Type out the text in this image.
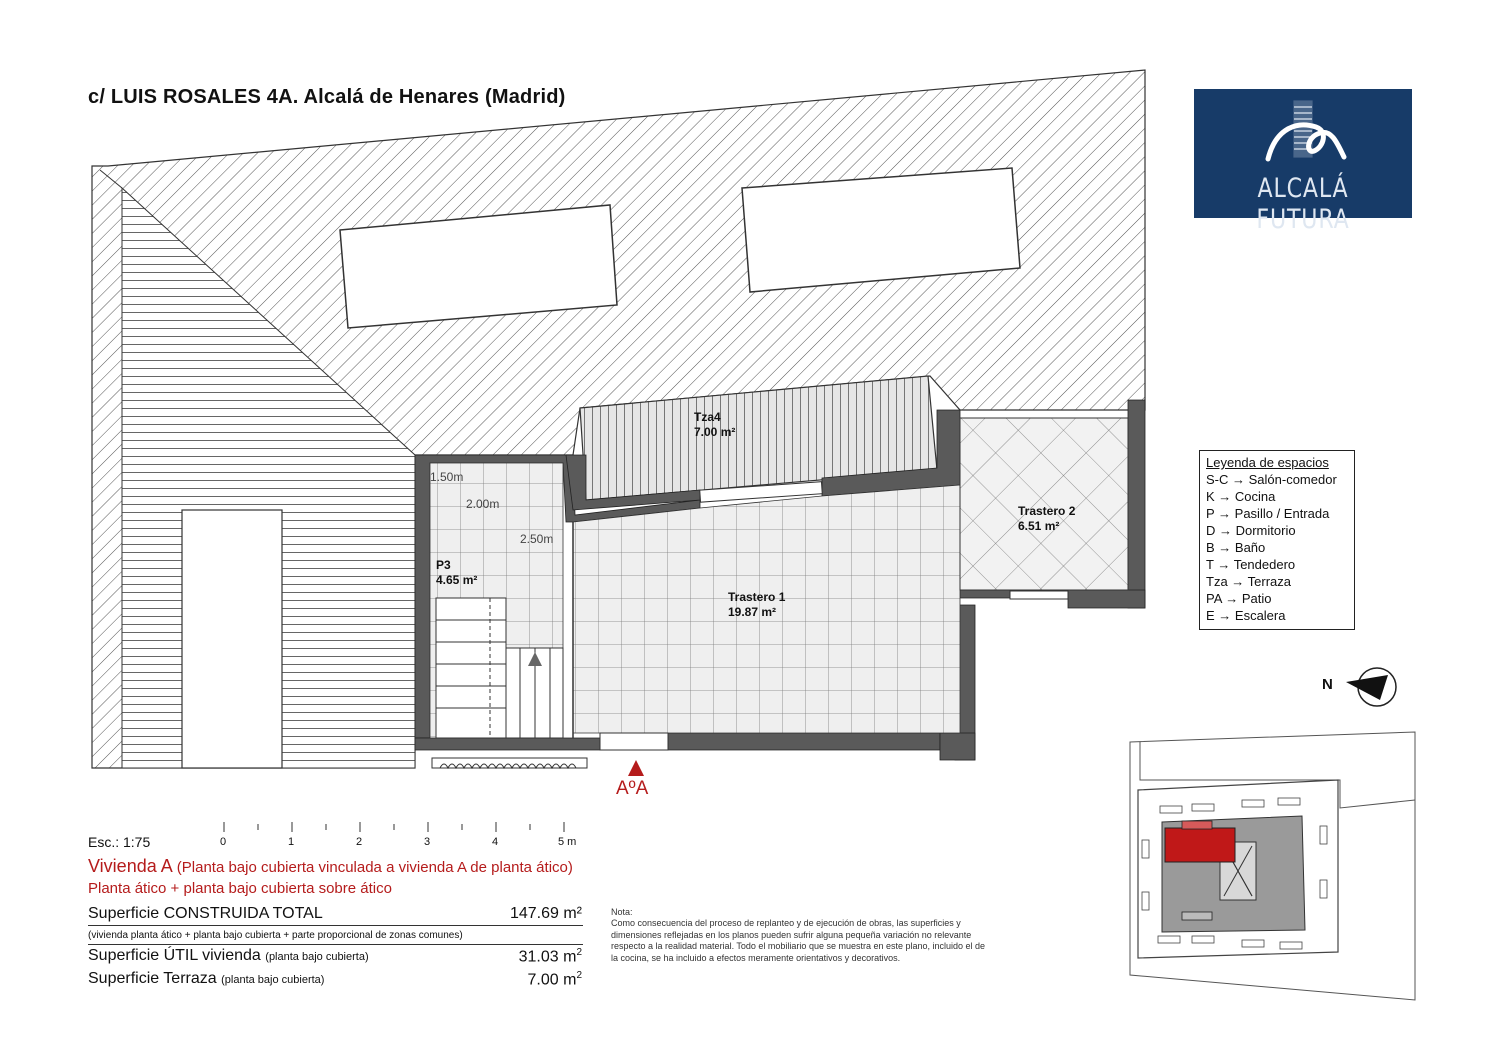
c/ LUIS ROSALES 4A. Alcalá de Henares (Madrid)
ALCALÁ FUTURA
Tza4
7.00 m²
Trastero 2
6.51 m²
P3
4.65 m²
Trastero 1
19.87 m²
1.50m
2.00m
2.50m
AºA
Leyenda de espacios
S-C → Salón-comedor
K → Cocina
P → Pasillo / Entrada
D → Dormitorio
B → Baño
T → Tendedero
Tza → Terraza
PA → Patio
E → Escalera
N
Esc.: 1:75	0	1	2	3	4	5 m
Vivienda A (Planta bajo cubierta vinculada a vivienda A de planta ático)
Planta ático + planta bajo cubierta sobre ático
Superficie CONSTRUIDA TOTAL	147.69 m²
(vivienda planta ático + planta bajo cubierta + parte proporcional de zonas comunes)
Superficie ÚTIL vivienda (planta bajo cubierta)	31.03 $m^2$
Superficie Terraza (planta bajo cubierta)	7.00 $m^2$
Nota:
Como consecuencia del proceso de replanteo y de ejecución de obras, las superficies y dimensiones reflejadas en los planos pueden sufrir alguna pequeña variación no relevante respecto a la realidad material. Todo el mobiliario que se muestra en este plano, incluido el de la cocina, se ha incluido a efectos meramente orientativos y decorativos.
